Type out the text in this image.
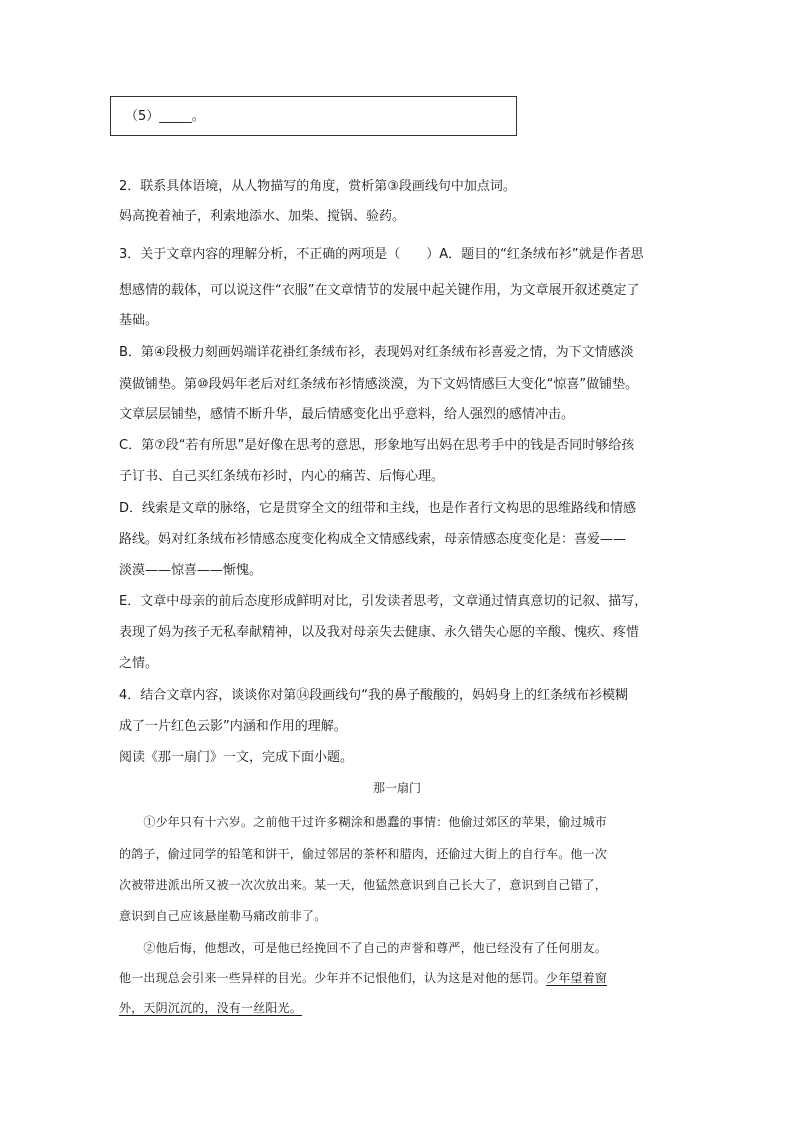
（5）_____。
2．联系具体语境，从人物描写的角度，赏析第③段画线句中加点词。
妈高挽着袖子，利索地添水、加柴、搅锅、验药。
3．关于文章内容的理解分析，不正确的两项是（　　）A．题目的“红条绒布衫”就是作者思
想感情的载体，可以说这件“衣服”在文章情节的发展中起关键作用，为文章展开叙述奠定了
基础。
B．第④段极力刻画妈端详花褂红条绒布衫，表现妈对红条绒布衫喜爱之情，为下文情感淡
漠做铺垫。第⑩段妈年老后对红条绒布衫情感淡漠，为下文妈情感巨大变化“惊喜”做铺垫。
文章层层铺垫，感情不断升华，最后情感变化出乎意料，给人强烈的感情冲击。
C．第⑦段“若有所思”是好像在思考的意思，形象地写出妈在思考手中的钱是否同时够给孩
子订书、自己买红条绒布衫时，内心的痛苦、后悔心理。
D．线索是文章的脉络，它是贯穿全文的纽带和主线，也是作者行文构思的思维路线和情感
路线。妈对红条绒布衫情感态度变化构成全文情感线索，母亲情感态度变化是：喜爱——
淡漠——惊喜——惭愧。
E．文章中母亲的前后态度形成鲜明对比，引发读者思考，文章通过情真意切的记叙、描写，
表现了妈为孩子无私奉献精神，以及我对母亲失去健康、永久错失心愿的辛酸、愧疚、疼惜
之情。
4．结合文章内容，谈谈你对第⑭段画线句“我的鼻子酸酸的，妈妈身上的红条绒布衫模糊
成了一片红色云影”内涵和作用的理解。
阅读《那一扇门》一文，完成下面小题。
那一扇门
　　①少年只有十六岁。之前他干过许多糊涂和愚蠢的事情：他偷过郊区的苹果，偷过城市
的鸽子，偷过同学的铅笔和饼干，偷过邻居的茶杯和腊肉，还偷过大街上的自行车。他一次
次被带进派出所又被一次次放出来。某一天，他猛然意识到自己长大了，意识到自己错了，
意识到自己应该悬崖勒马痛改前非了。
　　②他后悔，他想改，可是他已经挽回不了自己的声誉和尊严，他已经没有了任何朋友。
他一出现总会引来一些异样的目光。少年并不记恨他们，认为这是对他的惩罚。少年望着窗
外，天阴沉沉的，没有一丝阳光。
